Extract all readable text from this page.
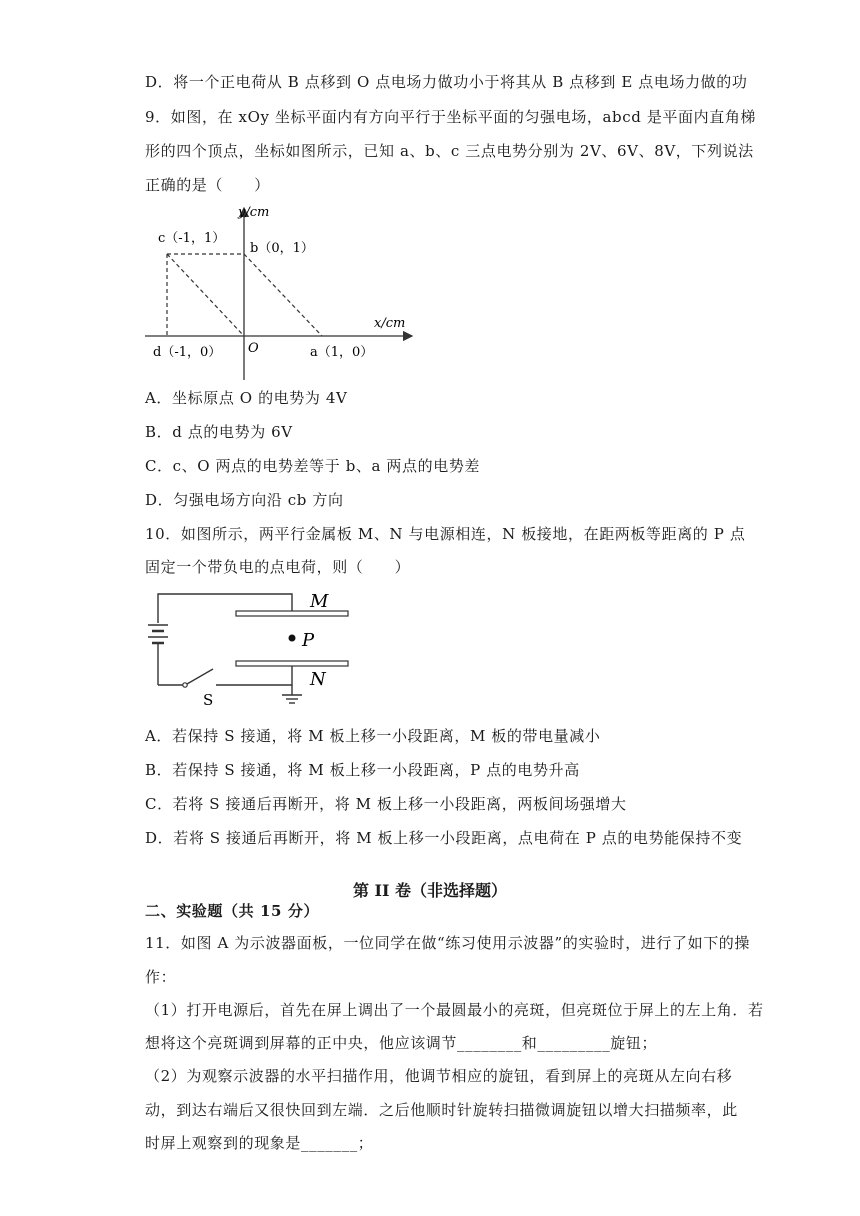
D．将一个正电荷从 B 点移到 O 点电场力做功小于将其从 B 点移到 E 点电场力做的功
9．如图，在 xOy 坐标平面内有方向平行于坐标平面的匀强电场，abcd 是平面内直角梯
形的四个顶点，坐标如图所示，已知 a、b、c 三点电势分别为 2V、6V、8V，下列说法
正确的是（　　）
y/cm
x/cm
c（-1，1）
b（0，1）
d（-1，0） O	a（1，0）
A．坐标原点 O 的电势为 4V
B．d 点的电势为 6V
C．c、O 两点的电势差等于 b、a 两点的电势差
D．匀强电场方向沿 cb 方向
10．如图所示，两平行金属板 M、N 与电源相连，N 板接地，在距两板等距离的 P 点
固定一个带负电的点电荷，则（　　）
M
P
N
S
A．若保持 S 接通，将 M 板上移一小段距离，M 板的带电量减小
B．若保持 S 接通，将 M 板上移一小段距离，P 点的电势升高
C．若将 S 接通后再断开，将 M 板上移一小段距离，两板间场强增大
D．若将 S 接通后再断开，将 M 板上移一小段距离，点电荷在 P 点的电势能保持不变
第 II 卷（非选择题）
二、实验题（共 15 分）
11．如图 A 为示波器面板，一位同学在做“练习使用示波器”的实验时，进行了如下的操
作：
（1）打开电源后，首先在屏上调出了一个最圆最小的亮斑，但亮斑位于屏上的左上角．若
想将这个亮斑调到屏幕的正中央，他应该调节________和_________旋钮；
（2）为观察示波器的水平扫描作用，他调节相应的旋钮，看到屏上的亮斑从左向右移
动，到达右端后又很快回到左端．之后他顺时针旋转扫描微调旋钮以增大扫描频率，此
时屏上观察到的现象是_______；
